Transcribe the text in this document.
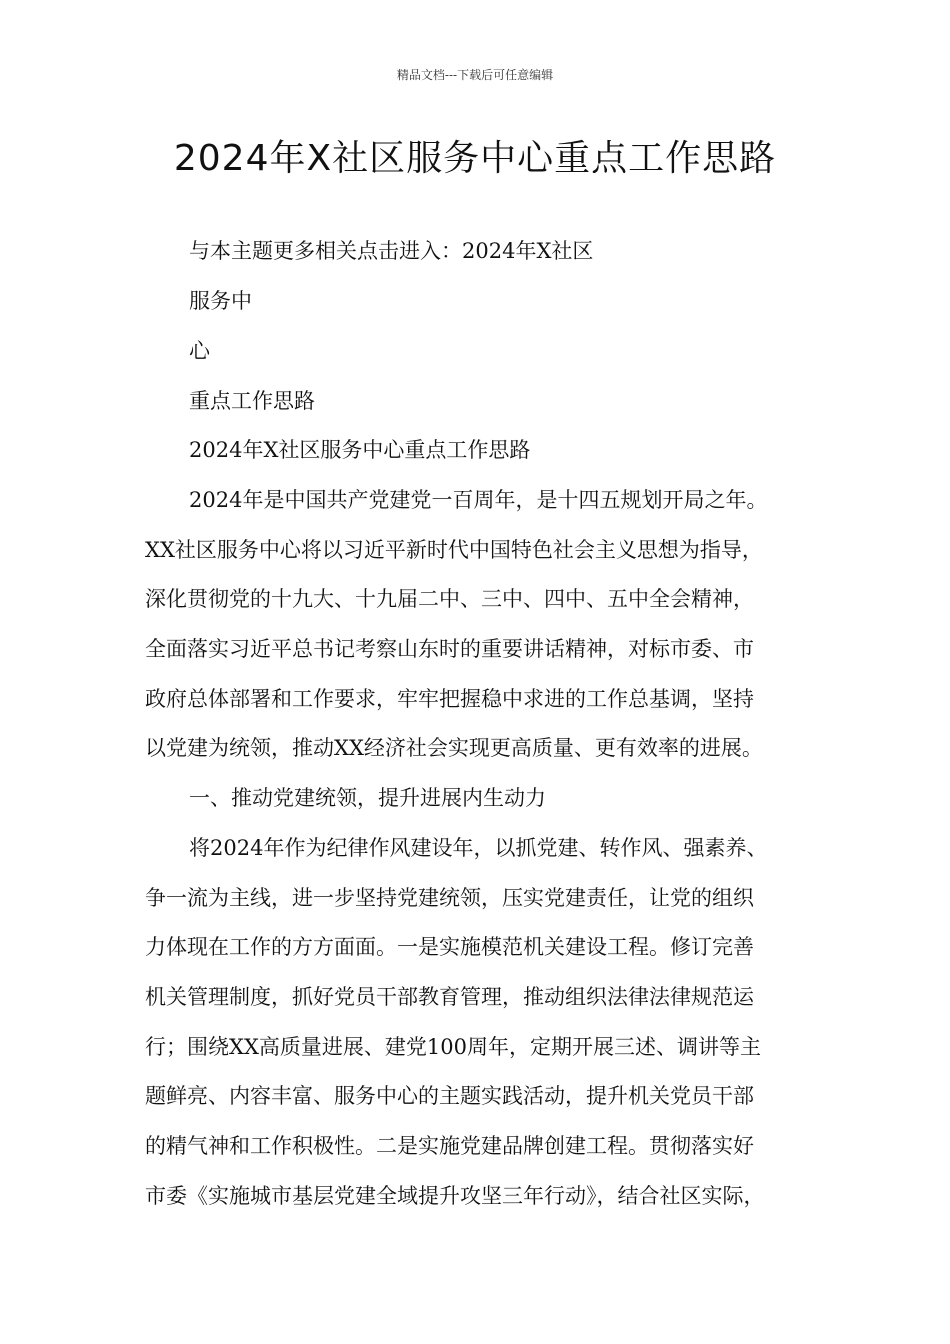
精品文档---下载后可任意编辑
2024年X社区服务中心重点工作思路
与本主题更多相关点击进入：2024年X社区
服务中
心
重点工作思路
2024年X社区服务中心重点工作思路
2024年是中国共产党建党一百周年，是十四五规划开局之年。
XX社区服务中心将以习近平新时代中国特色社会主义思想为指导，
深化贯彻党的十九大、十九届二中、三中、四中、五中全会精神，
全面落实习近平总书记考察山东时的重要讲话精神，对标市委、市
政府总体部署和工作要求，牢牢把握稳中求进的工作总基调，坚持
以党建为统领，推动XX经济社会实现更高质量、更有效率的进展。
一、推动党建统领，提升进展内生动力
将2024年作为纪律作风建设年，以抓党建、转作风、强素养、
争一流为主线，进一步坚持党建统领，压实党建责任，让党的组织
力体现在工作的方方面面。一是实施模范机关建设工程。修订完善
机关管理制度，抓好党员干部教育管理，推动组织法律法律规范运
行；围绕XX高质量进展、建党100周年，定期开展三述、调讲等主
题鲜亮、内容丰富、服务中心的主题实践活动，提升机关党员干部
的精气神和工作积极性。二是实施党建品牌创建工程。贯彻落实好
市委《实施城市基层党建全域提升攻坚三年行动》，结合社区实际，
